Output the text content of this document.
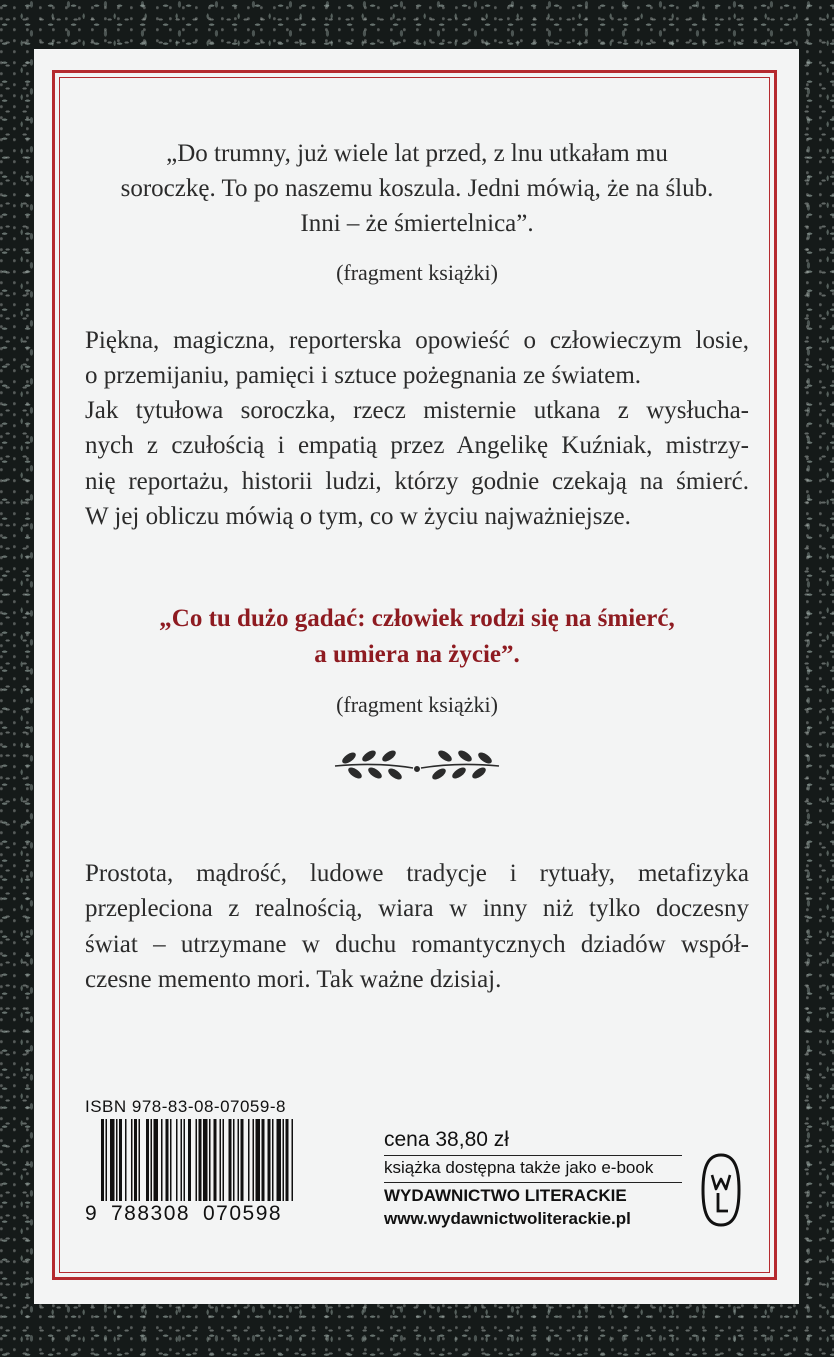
„Do trumny, już wiele lat przed, z lnu utkałam mu

soroczkę. To po naszemu koszula. Jedni mówią, że na ślub.

Inni – że śmiertelnica”.

(fragment książki)

Piękna, magiczna, reporterska opowieść o człowieczym losie,

o przemijaniu, pamięci i sztuce pożegnania ze światem.

Jak tytułowa soroczka, rzecz misternie utkana z wysłucha-

nych z czułością i empatią przez Angelikę Kuźniak, mistrzy-

nię reportażu, historii ludzi, którzy godnie czekają na śmierć.

W jej obliczu mówią o tym, co w życiu najważniejsze.

„Co tu dużo gadać: człowiek rodzi się na śmierć,

a umiera na życie”.

(fragment książki)

Prostota, mądrość, ludowe tradycje i rytuały, metafizyka

przepleciona z realnością, wiara w inny niż tylko doczesny

świat – utrzymane w duchu romantycznych dziadów współ-

czesne memento mori. Tak ważne dzisiaj.

ISBN 978-83-08-07059-8
9 788308 070598
cena 38,80 zł
książka dostępna także jako e-book
WYDAWNICTWO LITERACKIE
www.wydawnictwoliterackie.pl
